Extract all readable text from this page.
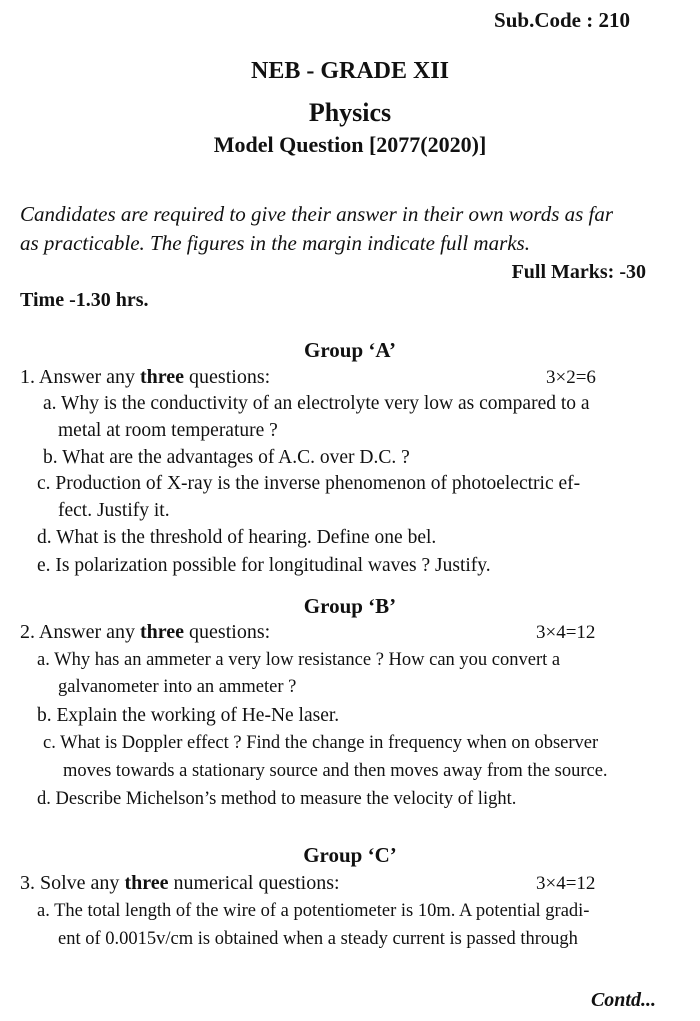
Sub.Code : 210
NEB - GRADE XII
Physics
Model Question [2077(2020)]
Candidates are required to give their answer in their own words as far
as practicable. The figures in the margin indicate full marks.
Full Marks: -30
Time -1.30 hrs.
Group ‘A’
1. Answer any three questions:	3×2=6
a. Why is the conductivity of an electrolyte very low as compared to a
metal at room temperature ?
b. What are the advantages of A.C. over D.C. ?
c. Production of X-ray is the inverse phenomenon of photoelectric ef-
fect. Justify it.
d. What is the threshold of hearing. Define one bel.
e. Is polarization possible for longitudinal waves ? Justify.
Group ‘B’
2. Answer any three questions:	3×4=12
a. Why has an ammeter a very low resistance ? How can you convert a
galvanometer into an ammeter ?
b. Explain the working of He-Ne laser.
c. What is Doppler effect ? Find the change in frequency when on observer
moves towards a stationary source and then moves away from the source.
d. Describe Michelson’s method to measure the velocity of light.
Group ‘C’
3. Solve any three numerical questions:	3×4=12
a. The total length of the wire of a potentiometer is 10m. A potential gradi-
ent of 0.0015v/cm is obtained when a steady current is passed through
Contd...
